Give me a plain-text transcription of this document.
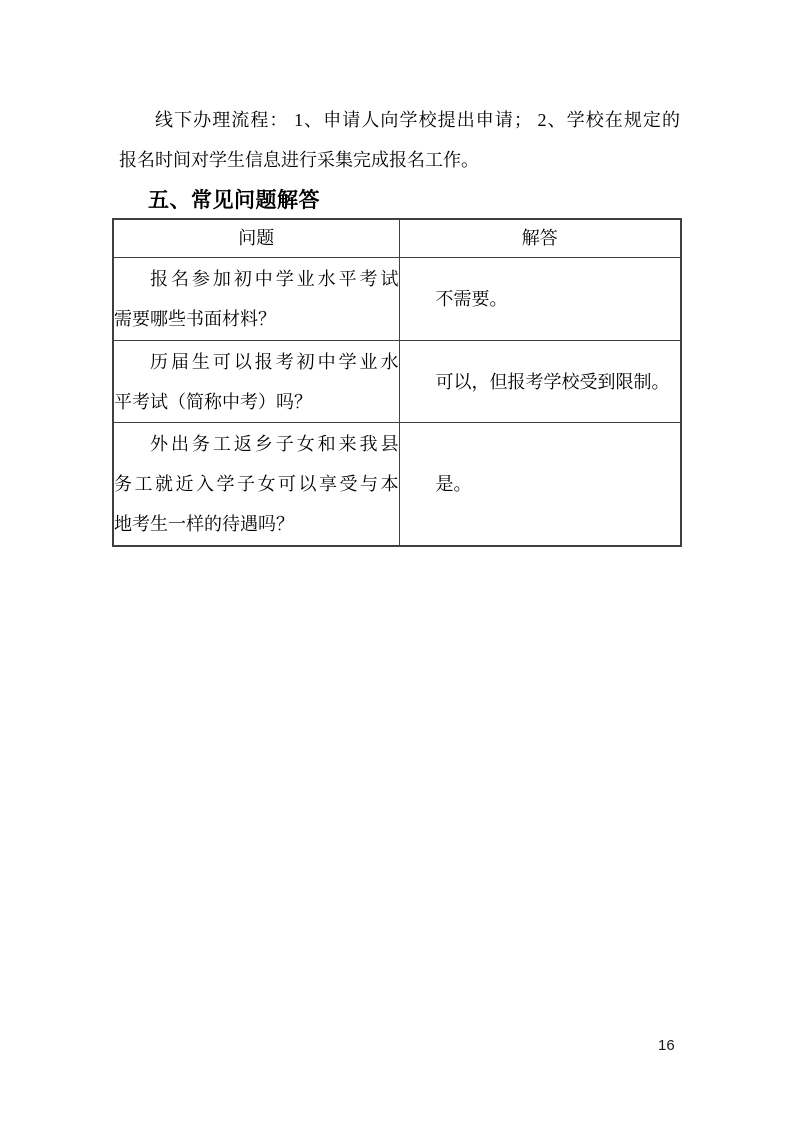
线下办理流程： 1、申请人向学校提出申请； 2、学校在规定的
报名时间对学生信息进行采集完成报名工作。
五、常见问题解答
问题	解答

报名参加初中学业水平考试
需要哪些书面材料？	不需要。

历届生可以报考初中学业水
平考试（简称中考）吗？	可以，但报考学校受到限制。

外出务工返乡子女和来我县
务工就近入学子女可以享受与本
地考生一样的待遇吗？	是。
16
